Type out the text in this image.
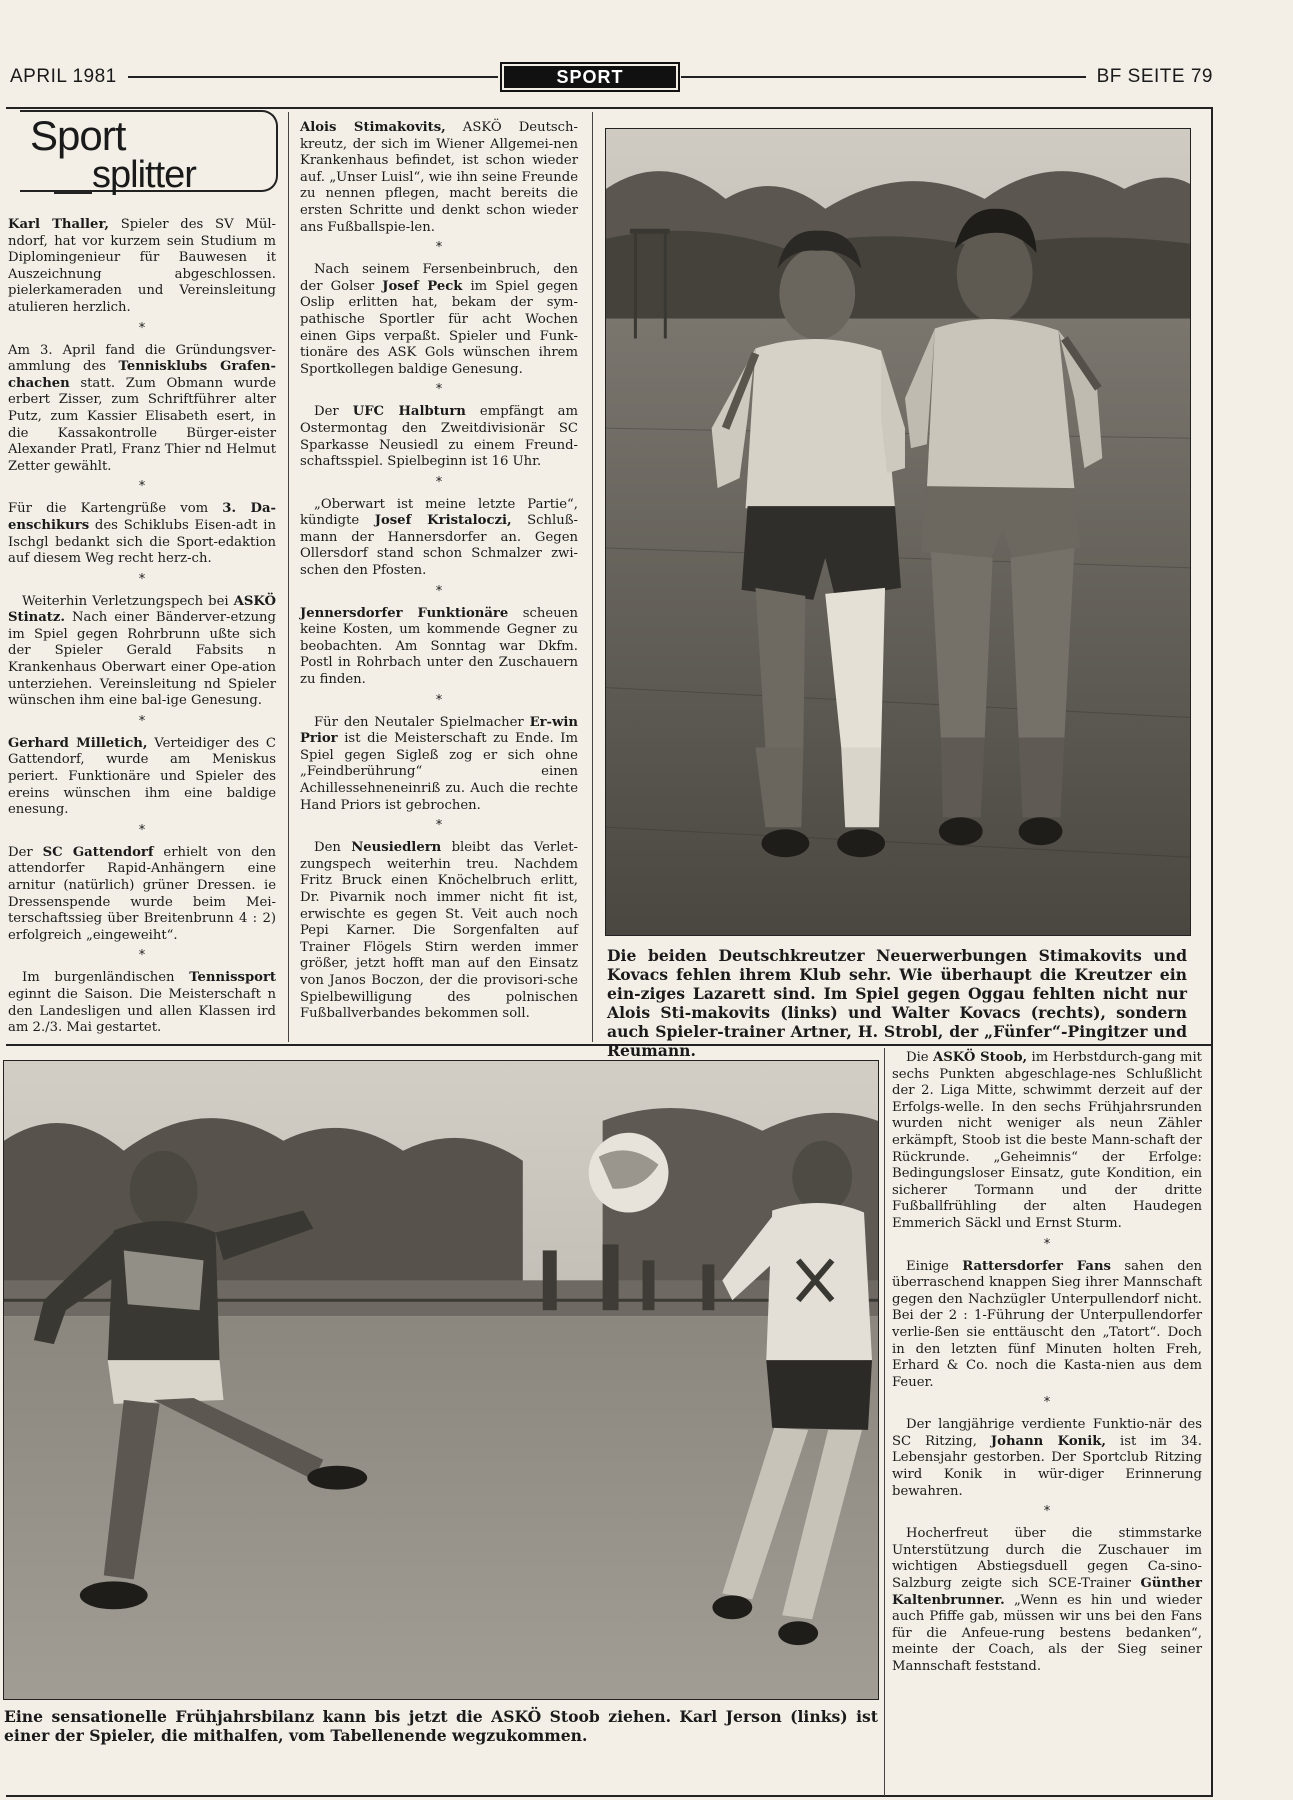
APRIL 1981	SPORT	BF SEITE 79
Sport
splitter

Karl Thaller, Spieler des SV Mül-ndorf, hat vor kurzem sein Studium m Diplomingenieur für Bauwesen it Auszeichnung abgeschlossen. pielerkameraden und Vereinsleitung atulieren herzlich.

*

Am 3. April fand die Gründungsver-ammlung des Tennisklubs Grafen-chachen statt. Zum Obmann wurde erbert Zisser, zum Schriftführer alter Putz, zum Kassier Elisabeth esert, in die Kassakontrolle Bürger-eister Alexander Pratl, Franz Thier nd Helmut Zetter gewählt.

*

Für die Kartengrüße vom 3. Da-enschikurs des Schiklubs Eisen-adt in Ischgl bedankt sich die Sport-edaktion auf diesem Weg recht herz-ch.

*

Weiterhin Verletzungspech bei ASKÖ Stinatz. Nach einer Bänderver-etzung im Spiel gegen Rohrbrunn ußte sich der Spieler Gerald Fabsits n Krankenhaus Oberwart einer Ope-ation unterziehen. Vereinsleitung nd Spieler wünschen ihm eine bal-ige Genesung.

*

Gerhard Milletich, Verteidiger des C Gattendorf, wurde am Meniskus periert. Funktionäre und Spieler des ereins wünschen ihm eine baldige enesung.

*

Der SC Gattendorf erhielt von den attendorfer Rapid-Anhängern eine arnitur (natürlich) grüner Dressen. ie Dressenspende wurde beim Mei-terschaftssieg über Breitenbrunn 4 : 2) erfolgreich „eingeweiht“.

*

Im burgenländischen Tennissport eginnt die Saison. Die Meisterschaft n den Landesligen und allen Klassen ird am 2./3. Mai gestartet.

Alois Stimakovits, ASKÖ Deutsch-kreutz, der sich im Wiener Allgemei-nen Krankenhaus befindet, ist schon wieder auf. „Unser Luisl“, wie ihn seine Freunde zu nennen pflegen, macht bereits die ersten Schritte und denkt schon wieder ans Fußballspie-len.

*

Nach seinem Fersenbeinbruch, den der Golser Josef Peck im Spiel gegen Oslip erlitten hat, bekam der sym-pathische Sportler für acht Wochen einen Gips verpaßt. Spieler und Funk-tionäre des ASK Gols wünschen ihrem Sportkollegen baldige Genesung.

*

Der UFC Halbturn empfängt am Ostermontag den Zweitdivisionär SC Sparkasse Neusiedl zu einem Freund-schaftsspiel. Spielbeginn ist 16 Uhr.

*

„Oberwart ist meine letzte Partie“, kündigte Josef Kristaloczi, Schluß-mann der Hannersdorfer an. Gegen Ollersdorf stand schon Schmalzer zwi-schen den Pfosten.

*

Jennersdorfer Funktionäre scheuen keine Kosten, um kommende Gegner zu beobachten. Am Sonntag war Dkfm. Postl in Rohrbach unter den Zuschauern zu finden.

*

Für den Neutaler Spielmacher Er-win Prior ist die Meisterschaft zu Ende. Im Spiel gegen Sigleß zog er sich ohne „Feindberührung“ einen Achillessehneneinriß zu. Auch die rechte Hand Priors ist gebrochen.

*

Den Neusiedlern bleibt das Verlet-zungspech weiterhin treu. Nachdem Fritz Bruck einen Knöchelbruch erlitt, Dr. Pivarnik noch immer nicht fit ist, erwischte es gegen St. Veit auch noch Pepi Karner. Die Sorgenfalten auf Trainer Flögels Stirn werden immer größer, jetzt hofft man auf den Einsatz von Janos Boczon, der die provisori-sche Spielbewilligung des polnischen Fußballverbandes bekommen soll.

Die beiden Deutschkreutzer Neuerwerbungen Stimakovits und Kovacs fehlen ihrem Klub sehr. Wie überhaupt die Kreutzer ein ein-ziges Lazarett sind. Im Spiel gegen Oggau fehlten nicht nur Alois Sti-makovits (links) und Walter Kovacs (rechts), sondern auch Spieler-trainer Artner, H. Strobl, der „Fünfer“-Pingitzer und Reumann.
Eine sensationelle Frühjahrsbilanz kann bis jetzt die ASKÖ Stoob ziehen. Karl Jerson (links) ist einer der Spieler, die mithalfen, vom Tabellenende wegzukommen.

Die ASKÖ Stoob, im Herbstdurch-gang mit sechs Punkten abgeschlage-nes Schlußlicht der 2. Liga Mitte, schwimmt derzeit auf der Erfolgs-welle. In den sechs Frühjahrsrunden wurden nicht weniger als neun Zähler erkämpft, Stoob ist die beste Mann-schaft der Rückrunde. „Geheimnis“ der Erfolge: Bedingungsloser Einsatz, gute Kondition, ein sicherer Tormann und der dritte Fußballfrühling der alten Haudegen Emmerich Säckl und Ernst Sturm.

*

Einige Rattersdorfer Fans sahen den überraschend knappen Sieg ihrer Mannschaft gegen den Nachzügler Unterpullendorf nicht. Bei der 2 : 1-Führung der Unterpullendorfer verlie-ßen sie enttäuscht den „Tatort“. Doch in den letzten fünf Minuten holten Freh, Erhard & Co. noch die Kasta-nien aus dem Feuer.

*

Der langjährige verdiente Funktio-när des SC Ritzing, Johann Konik, ist im 34. Lebensjahr gestorben. Der Sportclub Ritzing wird Konik in wür-diger Erinnerung bewahren.

*

Hocherfreut über die stimmstarke Unterstützung durch die Zuschauer im wichtigen Abstiegsduell gegen Ca-sino-Salzburg zeigte sich SCE-Trainer Günther Kaltenbrunner. „Wenn es hin und wieder auch Pfiffe gab, müssen wir uns bei den Fans für die Anfeue-rung bestens bedanken“, meinte der Coach, als der Sieg seiner Mannschaft feststand.
